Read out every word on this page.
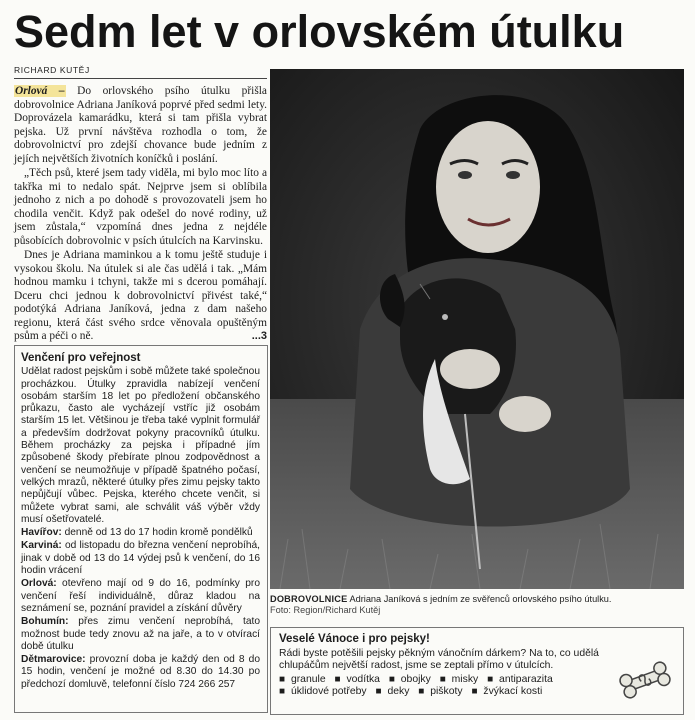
Sedm let v orlovském útulku
RICHARD KUTĚJ

Orlová – Do orlovského psího útulku přišla dobrovolnice Adriana Janíková poprvé před sedmi lety. Doprovázela kamarádku, která si tam přišla vybrat pejska. Už první návštěva rozhodla o tom, že dobrovolnictví pro zdejší chovance bude jedním z jejích největších životních koníčků i poslání.

„Těch psů, které jsem tady viděla, mi bylo moc líto a takřka mi to nedalo spát. Nejprve jsem si oblíbila jednoho z nich a po dohodě s provozovateli jsem ho chodila venčit. Když pak odešel do nové rodiny, už jsem zůstala,“ vzpomíná dnes jedna z nejdéle působících dobrovolnic v psích útulcích na Karvinsku.

Dnes je Adriana maminkou a k tomu ještě studuje i vysokou školu. Na útulek si ale čas udělá i tak. „Mám hodnou mamku i tchyni, takže mi s dcerou pomáhají. Dceru chci jednou k dobrovolnictví přivést také,“ podotýká Adriana Janíková, jedna z dam našeho regionu, která část svého srdce věnovala opuštěným psům a péči o ně.	...3

DOBROVOLNICE Adriana Janíková s jedním ze svěřenců orlovského psího útulku.
Foto: Region/Richard Kutěj
Venčení pro veřejnost
Udělat radost pejskům i sobě můžete také společnou procházkou. Útulky zpravidla nabízejí venčení osobám starším 18 let po předložení občanského průkazu, často ale vycházejí vstříc již osobám starším 15 let. Většinou je třeba také vyplnit formulář a především dodržovat pokyny pracovníků útulku. Během procházky za pejska i případné jím způsobené škody přebírate plnou zodpovědnost a venčení se neumožňuje v případě špatného počasí, velkých mrazů, některé útulky přes zimu pejsky takto nepůjčují vůbec. Pejska, kterého chcete venčit, si můžete vybrat sami, ale schválit váš výběr vždy musí ošetřovatelé.
Havířov: denně od 13 do 17 hodin kromě pondělků
Karviná: od listopadu do března venčení neprobíhá, jinak v době od 13 do 14 výdej psů k venčení, do 16 hodin vrácení
Orlová: otevřeno mají od 9 do 16, podmínky pro venčení řeší individuálně, důraz kladou na seznámení se, poznání pravidel a získání důvěry
Bohumín: přes zimu venčení neprobíhá, tato možnost bude tedy znovu až na jaře, a to v otvírací době útulku
Dětmarovice: provozní doba je každý den od 8 do 15 hodin, venčení je možné od 8.30 do 14.30 po předchozí domluvě, telefonní číslo 724 266 257
Veselé Vánoce i pro pejsky!
Rádi byste potěšili pejsky pěkným vánočním dárkem? Na to, co udělá chlupáčům největší radost, jsme se zeptali přímo v útulcích.
■ granule ■ vodítka ■ obojky ■ misky ■ antiparazita ■ úklidové potřeby ■ deky ■ piškoty ■ žvýkací kosti
